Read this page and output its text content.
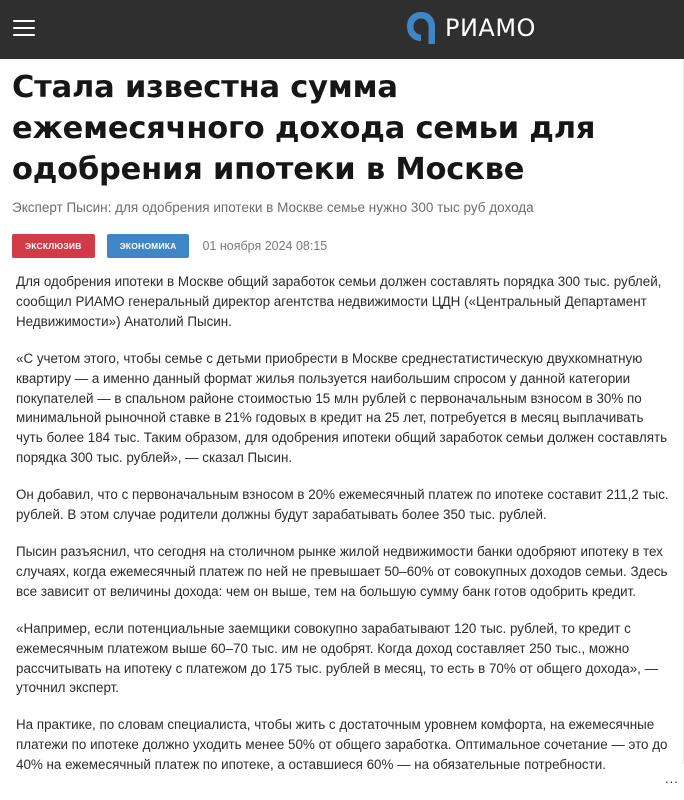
РИАМО
Стала известна сумма ежемесячного дохода семьи для одобрения ипотеки в Москве
Эксперт Пысин: для одобрения ипотеки в Москве семье нужно 300 тыс руб дохода
ЭКСКЛЮЗИВ	ЭКОНОМИКА	01 ноября 2024 08:15

Для одобрения ипотеки в Москве общий заработок семьи должен составлять порядка 300 тыс. рублей, сообщил РИАМО генеральный директор агентства недвижимости ЦДН («Центральный Департамент Недвижимости») Анатолий Пысин.

«С учетом этого, чтобы семье с детьми приобрести в Москве среднестатистическую двухкомнатную квартиру — а именно данный формат жилья пользуется наибольшим спросом у данной категории покупателей — в спальном районе стоимостью 15 млн рублей с первоначальным взносом в 30% по минимальной рыночной ставке в 21% годовых в кредит на 25 лет, потребуется в месяц выплачивать чуть более 184 тыс. Таким образом, для одобрения ипотеки общий заработок семьи должен составлять порядка 300 тыс. рублей», — сказал Пысин.

Он добавил, что с первоначальным взносом в 20% ежемесячный платеж по ипотеке составит 211,2 тыс. рублей. В этом случае родители должны будут зарабатывать более 350 тыс. рублей.

Пысин разъяснил, что сегодня на столичном рынке жилой недвижимости банки одобряют ипотеку в тех случаях, когда ежемесячный платеж по ней не превышает 50–60% от совокупных доходов семьи. Здесь все зависит от величины дохода: чем он выше, тем на большую сумму банк готов одобрить кредит.

«Например, если потенциальные заемщики совокупно зарабатывают 120 тыс. рублей, то кредит с ежемесячным платежом выше 60–70 тыс. им не одобрят. Когда доход составляет 250 тыс., можно рассчитывать на ипотеку с платежом до 175 тыс. рублей в месяц, то есть в 70% от общего дохода», — уточнил эксперт.

На практике, по словам специалиста, чтобы жить с достаточным уровнем комфорта, на ежемесячные платежи по ипотеке должно уходить менее 50% от общего заработка. Оптимальное сочетание — это до 40% на ежемесячный платеж по ипотеке, а оставшиеся 60% — на обязательные потребности.

...
